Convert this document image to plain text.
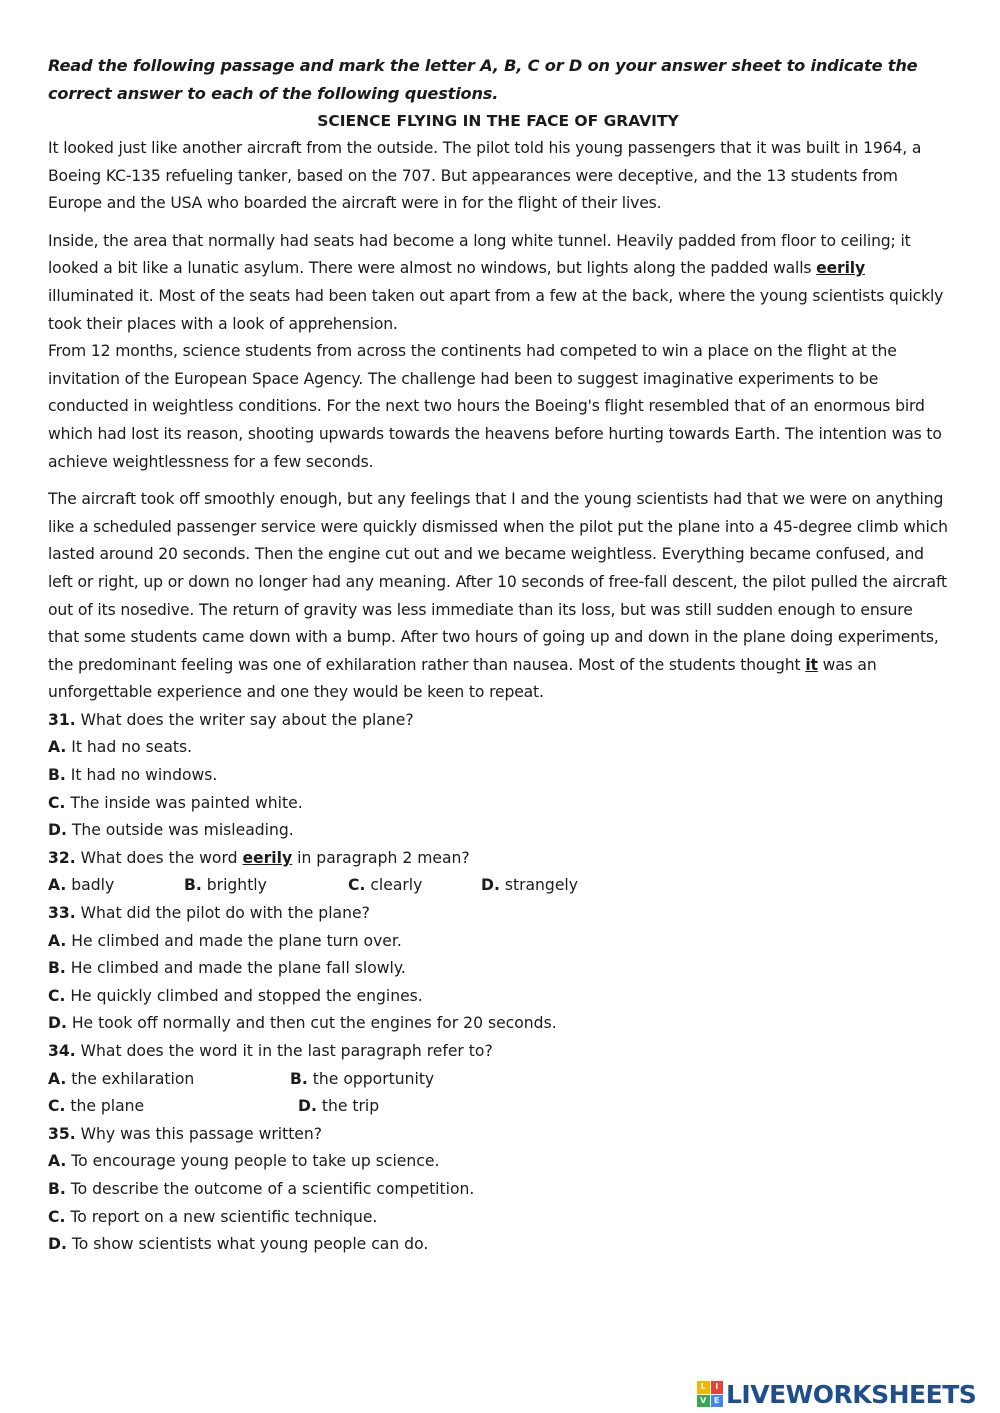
Read the following passage and mark the letter A, B, C or D on your answer sheet to indicate the correct answer to each of the following questions.
SCIENCE FLYING IN THE FACE OF GRAVITY

It looked just like another aircraft from the outside. The pilot told his young passengers that it was built in 1964, a Boeing KC-135 refueling tanker, based on the 707. But appearances were deceptive, and the 13 students from Europe and the USA who boarded the aircraft were in for the flight of their lives.

Inside, the area that normally had seats had become a long white tunnel. Heavily padded from floor to ceiling; it looked a bit like a lunatic asylum. There were almost no windows, but lights along the padded walls eerily illuminated it. Most of the seats had been taken out apart from a few at the back, where the young scientists quickly took their places with a look of apprehension.

From 12 months, science students from across the continents had competed to win a place on the flight at the invitation of the European Space Agency. The challenge had been to suggest imaginative experiments to be conducted in weightless conditions. For the next two hours the Boeing's flight resembled that of an enormous bird which had lost its reason, shooting upwards towards the heavens before hurting towards Earth. The intention was to achieve weightlessness for a few seconds.

The aircraft took off smoothly enough, but any feelings that I and the young scientists had that we were on anything like a scheduled passenger service were quickly dismissed when the pilot put the plane into a 45-degree climb which lasted around 20 seconds. Then the engine cut out and we became weightless. Everything became confused, and left or right, up or down no longer had any meaning. After 10 seconds of free-fall descent, the pilot pulled the aircraft out of its nosedive. The return of gravity was less immediate than its loss, but was still sudden enough to ensure that some students came down with a bump. After two hours of going up and down in the plane doing experiments, the predominant feeling was one of exhilaration rather than nausea. Most of the students thought it was an unforgettable experience and one they would be keen to repeat.

31. What does the writer say about the plane?

A. It had no seats.

B. It had no windows.

C. The inside was painted white.

D. The outside was misleading.

32. What does the word eerily in paragraph 2 mean?

A. badly	B. brightly	C. clearly	D. strangely

33. What did the pilot do with the plane?

A. He climbed and made the plane turn over.

B. He climbed and made the plane fall slowly.

C. He quickly climbed and stopped the engines.

D. He took off normally and then cut the engines for 20 seconds.

34. What does the word it in the last paragraph refer to?

A. the exhilaration	B. the opportunity
C. the plane	D. the trip

35. Why was this passage written?

A. To encourage young people to take up science.

B. To describe the outcome of a scientific competition.

C. To report on a new scientific technique.

D. To show scientists what young people can do.

L	I
V E LIVEWORKSHEETS
